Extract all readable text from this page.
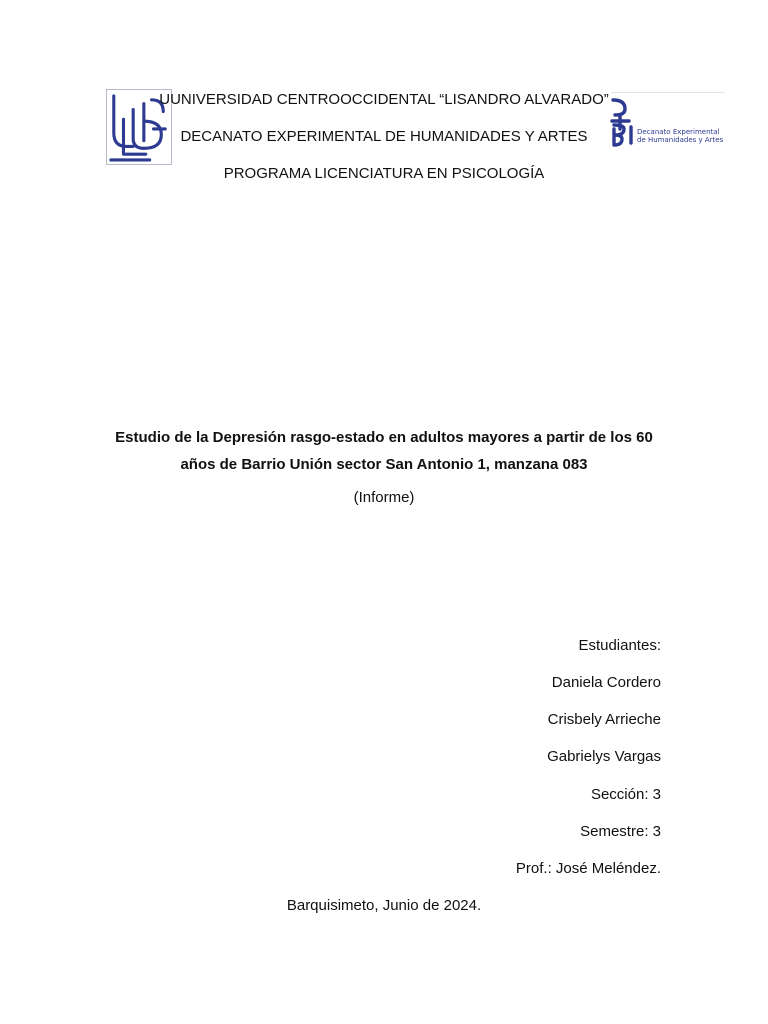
Decanato Experimental
de Humanidades y Artes
UUNIVERSIDAD CENTROOCCIDENTAL “LISANDRO ALVARADO”
DECANATO EXPERIMENTAL DE HUMANIDADES Y ARTES
PROGRAMA LICENCIATURA EN PSICOLOGÍA
Estudio de la Depresión rasgo-estado en adultos mayores a partir de los 60 años de Barrio Unión sector San Antonio 1, manzana 083
(Informe)
Estudiantes:
Daniela Cordero
Crisbely Arrieche
Gabrielys Vargas
Sección: 3
Semestre: 3
Prof.: José Meléndez.
Barquisimeto, Junio de 2024.
